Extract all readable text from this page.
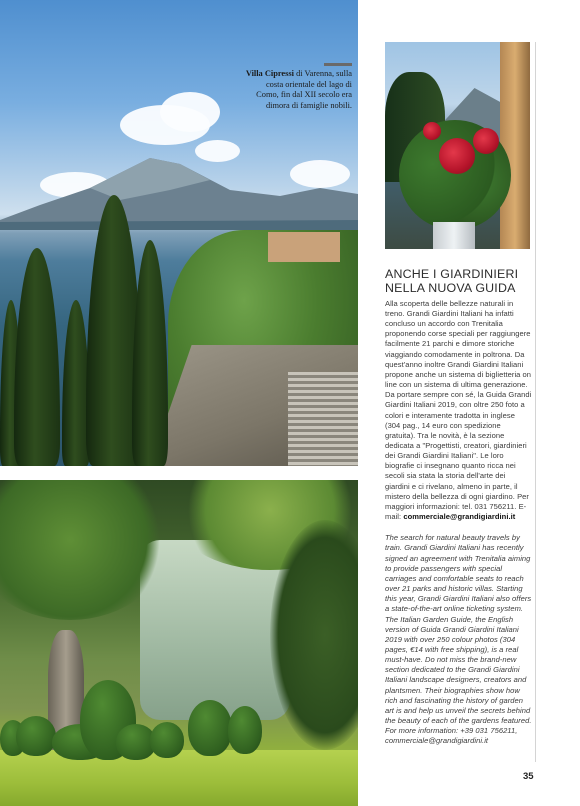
Villa Cipressi di Varenna, sulla costa orientale del lago di Como, fin dal XII secolo era dimora di famiglie nobili.
ANCHE I GIARDINIERI NELLA NUOVA GUIDA

Alla scoperta delle bellezze naturali in treno. Grandi Giardini Italiani ha infatti concluso un accordo con Trenitalia proponendo corse speciali per raggiungere facilmente 21 parchi e dimore storiche viaggiando comodamente in poltrona. Da quest'anno inoltre Grandi Giardini Italiani propone anche un sistema di biglietteria on line con un sistema di ultima generazione. Da portare sempre con sé, la Guida Grandi Giardini Italiani 2019, con oltre 250 foto a colori e interamente tradotta in inglese (304 pag., 14 euro con spedizione gratuita). Tra le novità, è la sezione dedicata a "Progettisti, creatori, giardinieri dei Grandi Giardini Italiani". Le loro biografie ci insegnano quanto ricca nei secoli sia stata la storia dell'arte dei giardini e ci rivelano, almeno in parte, il mistero della bellezza di ogni giardino. Per maggiori informazioni: tel. 031 756211. E-mail: commerciale@grandigiardini.it

The search for natural beauty travels by train. Grandi Giardini Italiani has recently signed an agreement with Trenitalia aiming to provide passengers with special carriages and comfortable seats to reach over 21 parks and historic villas. Starting this year, Grandi Giardini Italiani also offers a state-of-the-art online ticketing system. The Italian Garden Guide, the English version of Guida Grandi Giardini Italiani 2019 with over 250 colour photos (304 pages, €14 with free shipping), is a real must-have. Do not miss the brand-new section dedicated to the Grandi Giardini Italiani landscape designers, creators and plantsmen. Their biographies show how rich and fascinating the history of garden art is and help us unveil the secrets behind the beauty of each of the gardens featured. For more information: +39 031 756211, commerciale@grandigiardini.it

35
